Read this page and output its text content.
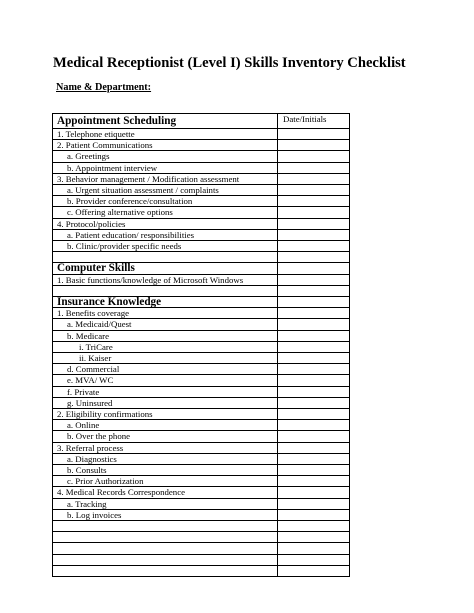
Medical Receptionist (Level I) Skills Inventory Checklist
Name & Department:
Appointment Scheduling	Date/Initials
1. Telephone etiquette	
2. Patient Communications	
a. Greetings	
b. Appointment interview	
3. Behavior management / Modification assessment	
a. Urgent situation assessment / complaints	
b. Provider conference/consultation	
c. Offering alternative options	
4. Protocol/policies	
a. Patient education/ responsibilities	
b. Clinic/provider specific needs	

Computer Skills	
1. Basic functions/knowledge of Microsoft Windows	

Insurance Knowledge	
1. Benefits coverage	
a. Medicaid/Quest	
b. Medicare	
i. TriCare	
ii. Kaiser	
d. Commercial	
e. MVA/ WC	
f. Private	
g. Uninsured	
2. Eligibility confirmations	
a. Online	
b. Over the phone	
3. Referral process	
a. Diagnostics	
b. Consults	
c. Prior Authorization	
4. Medical Records Correspondence	
a. Tracking	
b. Log invoices	
